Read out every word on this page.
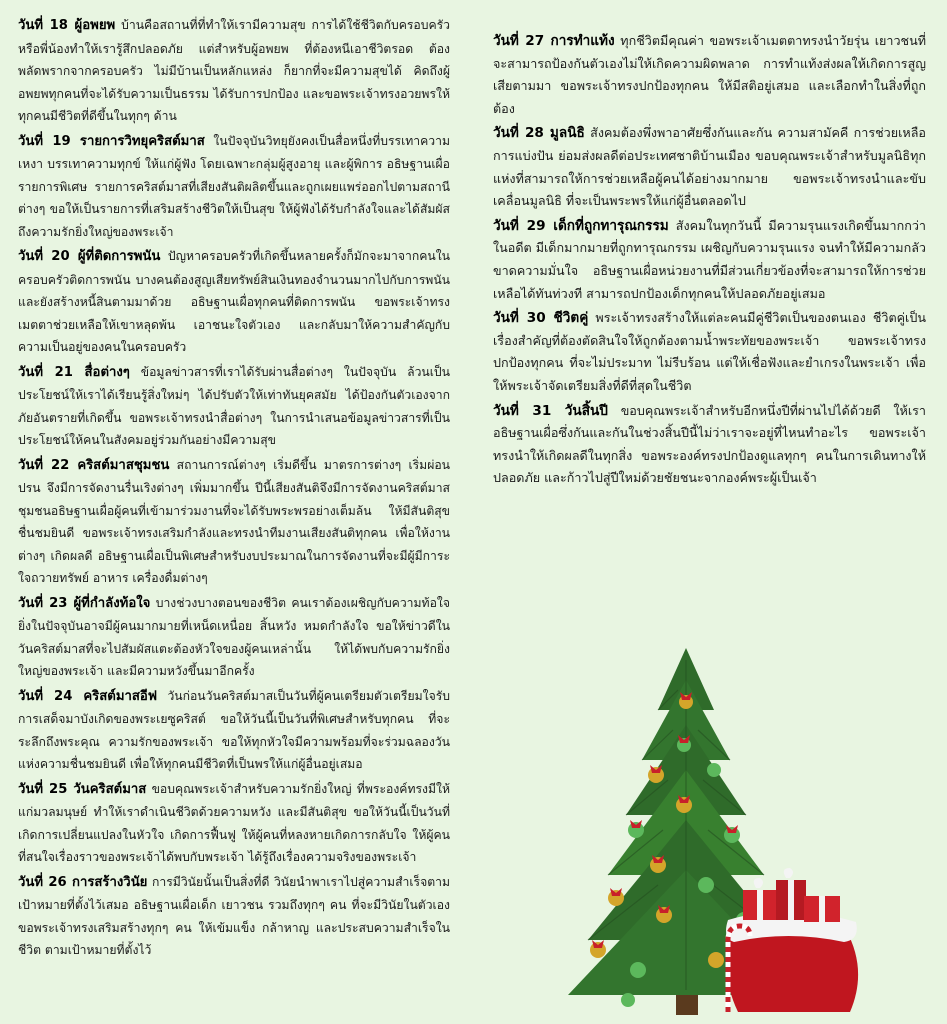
วันที่ 18 ผู้อพยพ บ้านคือสถานที่ที่ทำให้เรามีความสุข การได้ใช้ชีวิตกับครอบครัวหรือพี่น้องทำให้เรารู้สึกปลอดภัย แต่สำหรับผู้อพยพ ที่ต้องหนีเอาชีวิตรอด ต้องพลัดพรากจากครอบครัว ไม่มีบ้านเป็นหลักแหล่ง ก็ยากที่จะมีความสุขได้ คิดถึงผู้อพยพทุกคนที่จะได้รับความเป็นธรรม ได้รับการปกป้อง และขอพระเจ้าทรงอวยพรให้ทุกคนมีชีวิตที่ดีขึ้นในทุกๆ ด้าน

วันที่ 19 รายการวิทยุคริสต์มาส ในปัจจุบันวิทยุยังคงเป็นสื่อหนึ่งที่บรรเทาความเหงา บรรเทาความทุกข์ ให้แก่ผู้ฟัง โดยเฉพาะกลุ่มผู้สูงอายุ และผู้พิการ อธิษฐานเผื่อรายการพิเศษ รายการคริสต์มาสที่เสียงสันติผลิตขึ้นและถูกเผยแพร่ออกไปตามสถานีต่างๆ ขอให้เป็นรายการที่เสริมสร้างชีวิตให้เป็นสุข ให้ผู้ฟังได้รับกำลังใจและได้สัมผัสถึงความรักยิ่งใหญ่ของพระเจ้า

วันที่ 20 ผู้ที่ติดการพนัน ปัญหาครอบครัวที่เกิดขึ้นหลายครั้งก็มักจะมาจากคนในครอบครัวติดการพนัน บางคนต้องสูญเสียทรัพย์สินเงินทองจำนวนมากไปกับการพนัน และยังสร้างหนี้สินตามมาด้วย อธิษฐานเผื่อทุกคนที่ติดการพนัน ขอพระเจ้าทรงเมตตาช่วยเหลือให้เขาหลุดพ้น เอาชนะใจตัวเอง และกลับมาให้ความสำคัญกับความเป็นอยู่ของคนในครอบครัว

วันที่ 21 สื่อต่างๆ ข้อมูลข่าวสารที่เราได้รับผ่านสื่อต่างๆ ในปัจจุบัน ล้วนเป็นประโยชน์ให้เราได้เรียนรู้สิ่งใหม่ๆ ได้ปรับตัวให้เท่าทันยุคสมัย ได้ป้องกันตัวเองจากภัยอันตรายที่เกิดขึ้น ขอพระเจ้าทรงนำสื่อต่างๆ ในการนำเสนอข้อมูลข่าวสารที่เป็นประโยชน์ให้คนในสังคมอยู่ร่วมกันอย่างมีความสุข

วันที่ 22 คริสต์มาสชุมชน สถานการณ์ต่างๆ เริ่มดีขึ้น มาตรการต่างๆ เริ่มผ่อนปรน จึงมีการจัดงานรื่นเริงต่างๆ เพิ่มมากขึ้น ปีนี้เสียงสันติจึงมีการจัดงานคริสต์มาสชุมชนอธิษฐานเผื่อผู้คนที่เข้ามาร่วมงานที่จะได้รับพระพรอย่างเต็มล้น ให้มีสันติสุข ชื่นชมยินดี ขอพระเจ้าทรงเสริมกำลังและทรงนำทีมงานเสียงสันติทุกคน เพื่อให้งานต่างๆ เกิดผลดี อธิษฐานเผื่อเป็นพิเศษสำหรับงบประมาณในการจัดงานที่จะมีผู้มีการะใจถวายทรัพย์ อาหาร เครื่องดื่มต่างๆ

วันที่ 23 ผู้ที่กำลังท้อใจ บางช่วงบางตอนของชีวิต คนเราต้องเผชิญกับความท้อใจ ยิ่งในปัจจุบันอาจมีผู้คนมากมายที่เหน็ดเหนื่อย สิ้นหวัง หมดกำลังใจ ขอให้ข่าวดีในวันคริสต์มาสที่จะไปสัมผัสแตะต้องหัวใจของผู้คนเหล่านั้น ให้ได้พบกับความรักยิ่งใหญ่ของพระเจ้า และมีความหวังขึ้นมาอีกครั้ง

วันที่ 24 คริสต์มาสอีฟ วันก่อนวันคริสต์มาสเป็นวันที่ผู้คนเตรียมตัวเตรียมใจรับการเสด็จมาบังเกิดของพระเยซูคริสต์ ขอให้วันนี้เป็นวันที่พิเศษสำหรับทุกคน ที่จะระลึกถึงพระคุณ ความรักของพระเจ้า ขอให้ทุกหัวใจมีความพร้อมที่จะร่วมฉลองวันแห่งความชื่นชมยินดี เพื่อให้ทุกคนมีชีวิตที่เป็นพรให้แก่ผู้อื่นอยู่เสมอ

วันที่ 25 วันคริสต์มาส ขอบคุณพระเจ้าสำหรับความรักยิ่งใหญ่ ที่พระองค์ทรงมีให้แก่มวลมนุษย์ ทำให้เราดำเนินชีวิตด้วยความหวัง และมีสันติสุข ขอให้วันนี้เป็นวันที่เกิดการเปลี่ยนแปลงในหัวใจ เกิดการฟื้นฟู ให้ผู้คนที่หลงหายเกิดการกลับใจ ให้ผู้คนที่สนใจเรื่องราวของพระเจ้าได้พบกับพระเจ้า ได้รู้ถึงเรื่องความจริงของพระเจ้า

วันที่ 26 การสร้างวินัย การมีวินัยนั้นเป็นสิ่งที่ดี วินัยนำพาเราไปสู่ความสำเร็จตามเป้าหมายที่ตั้งไว้เสมอ อธิษฐานเผื่อเด็ก เยาวชน รวมถึงทุกๆ คน ที่จะมีวินัยในตัวเอง ขอพระเจ้าทรงเสริมสร้างทุกๆ คน ให้เข้มแข็ง กล้าหาญ และประสบความสำเร็จในชีวิต ตามเป้าหมายที่ตั้งไว้

วันที่ 27 การทำแท้ง ทุกชีวิตมีคุณค่า ขอพระเจ้าเมตตาทรงนำวัยรุ่น เยาวชนที่จะสามารถป้องกันตัวเองไม่ให้เกิดความผิดพลาด การทำแท้งส่งผลให้เกิดการสูญเสียตามมา ขอพระเจ้าทรงปกป้องทุกคน ให้มีสติอยู่เสมอ และเลือกทำในสิ่งที่ถูกต้อง

วันที่ 28 มูลนิธิ สังคมต้องพึ่งพาอาศัยซึ่งกันและกัน ความสามัคคี การช่วยเหลือการแบ่งปัน ย่อมส่งผลดีต่อประเทศชาติบ้านเมือง ขอบคุณพระเจ้าสำหรับมูลนิธิทุกแห่งที่สามารถให้การช่วยเหลือผู้คนได้อย่างมากมาย ขอพระเจ้าทรงนำและขับเคลื่อนมูลนิธิ ที่จะเป็นพระพรให้แก่ผู้อื่นตลอดไป

วันที่ 29 เด็กที่ถูกทารุณกรรม สังคมในทุกวันนี้ มีความรุนแรงเกิดขึ้นมากกว่าในอดีต มีเด็กมากมายที่ถูกทารุณกรรม เผชิญกับความรุนแรง จนทำให้มีความกลัว ขาดความมั่นใจ อธิษฐานเผื่อหน่วยงานที่มีส่วนเกี่ยวข้องที่จะสามารถให้การช่วยเหลือได้ทันท่วงที สามารถปกป้องเด็กทุกคนให้ปลอดภัยอยู่เสมอ

วันที่ 30 ชีวิตคู่ พระเจ้าทรงสร้างให้แต่ละคนมีคู่ชีวิตเป็นของตนเอง ชีวิตคู่เป็นเรื่องสำคัญที่ต้องตัดสินใจให้ถูกต้องตามน้ำพระทัยของพระเจ้า ขอพระเจ้าทรงปกป้องทุกคน ที่จะไม่ประมาท ไม่รีบร้อน แต่ให้เชื่อฟังและยำเกรงในพระเจ้า เพื่อให้พระเจ้าจัดเตรียมสิ่งที่ดีที่สุดในชีวิต

วันที่ 31 วันสิ้นปี ขอบคุณพระเจ้าสำหรับอีกหนึ่งปีที่ผ่านไปได้ด้วยดี ให้เราอธิษฐานเผื่อซึ่งกันและกันในช่วงสิ้นปีนี้ไม่ว่าเราจะอยู่ที่ไหนทำอะไร ขอพระเจ้าทรงนำให้เกิดผลดีในทุกสิ่ง ขอพระองค์ทรงปกป้องดูแลทุกๆ คนในการเดินทางให้ปลอดภัย และก้าวไปสู่ปีใหม่ด้วยชัยชนะจากองค์พระผู้เป็นเจ้า
